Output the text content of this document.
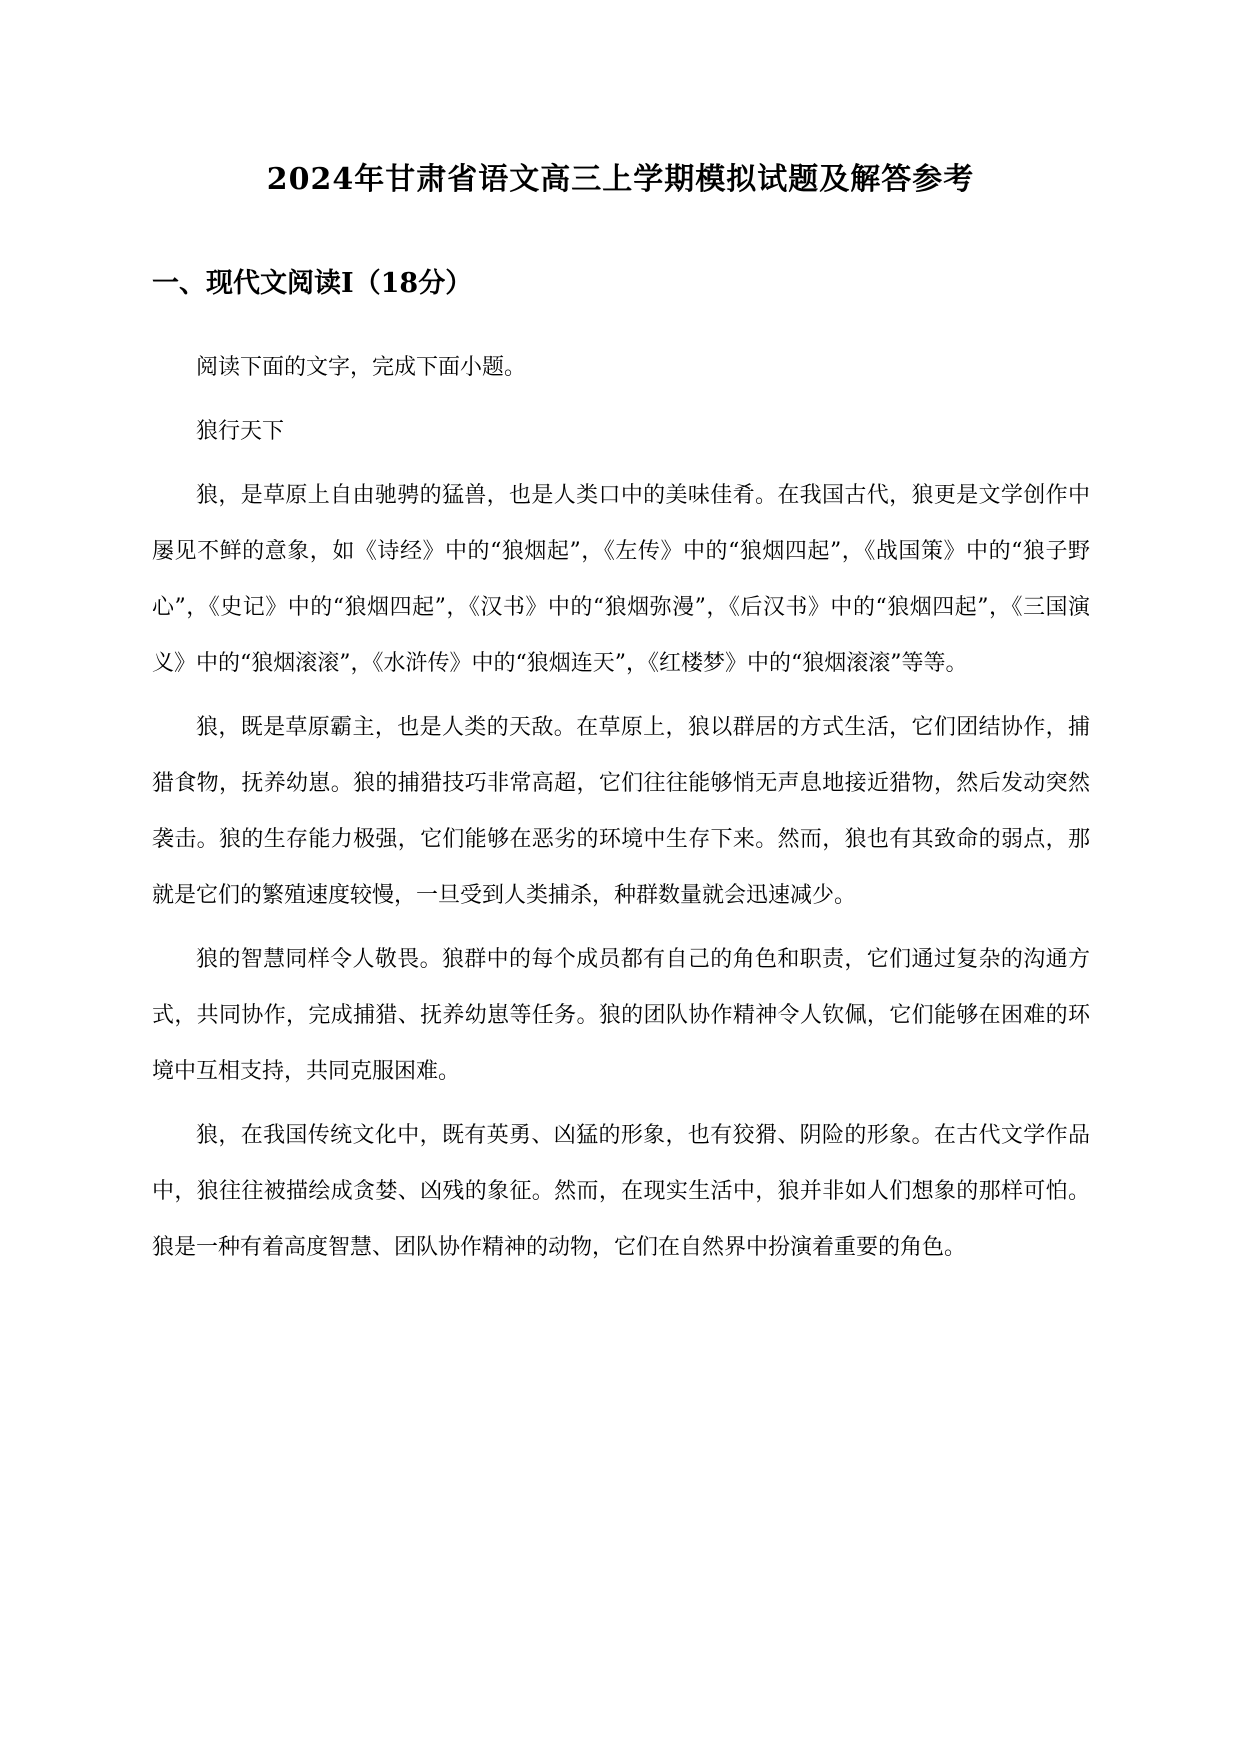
2024年甘肃省语文高三上学期模拟试题及解答参考
一、现代文阅读Ⅰ（18分）

阅读下面的文字，完成下面小题。

狼行天下

狼，是草原上自由驰骋的猛兽，也是人类口中的美味佳肴。在我国古代，狼更是文学创作中屡见不鲜的意象，如《诗经》中的“狼烟起”，《左传》中的“狼烟四起”，《战国策》中的“狼子野心”，《史记》中的“狼烟四起”，《汉书》中的“狼烟弥漫”，《后汉书》中的“狼烟四起”，《三国演义》中的“狼烟滚滚”，《水浒传》中的“狼烟连天”，《红楼梦》中的“狼烟滚滚”等等。

狼，既是草原霸主，也是人类的天敌。在草原上，狼以群居的方式生活，它们团结协作，捕猎食物，抚养幼崽。狼的捕猎技巧非常高超，它们往往能够悄无声息地接近猎物，然后发动突然袭击。狼的生存能力极强，它们能够在恶劣的环境中生存下来。然而，狼也有其致命的弱点，那就是它们的繁殖速度较慢，一旦受到人类捕杀，种群数量就会迅速减少。

狼的智慧同样令人敬畏。狼群中的每个成员都有自己的角色和职责，它们通过复杂的沟通方式，共同协作，完成捕猎、抚养幼崽等任务。狼的团队协作精神令人钦佩，它们能够在困难的环境中互相支持，共同克服困难。

狼，在我国传统文化中，既有英勇、凶猛的形象，也有狡猾、阴险的形象。在古代文学作品中，狼往往被描绘成贪婪、凶残的象征。然而，在现实生活中，狼并非如人们想象的那样可怕。狼是一种有着高度智慧、团队协作精神的动物，它们在自然界中扮演着重要的角色。
